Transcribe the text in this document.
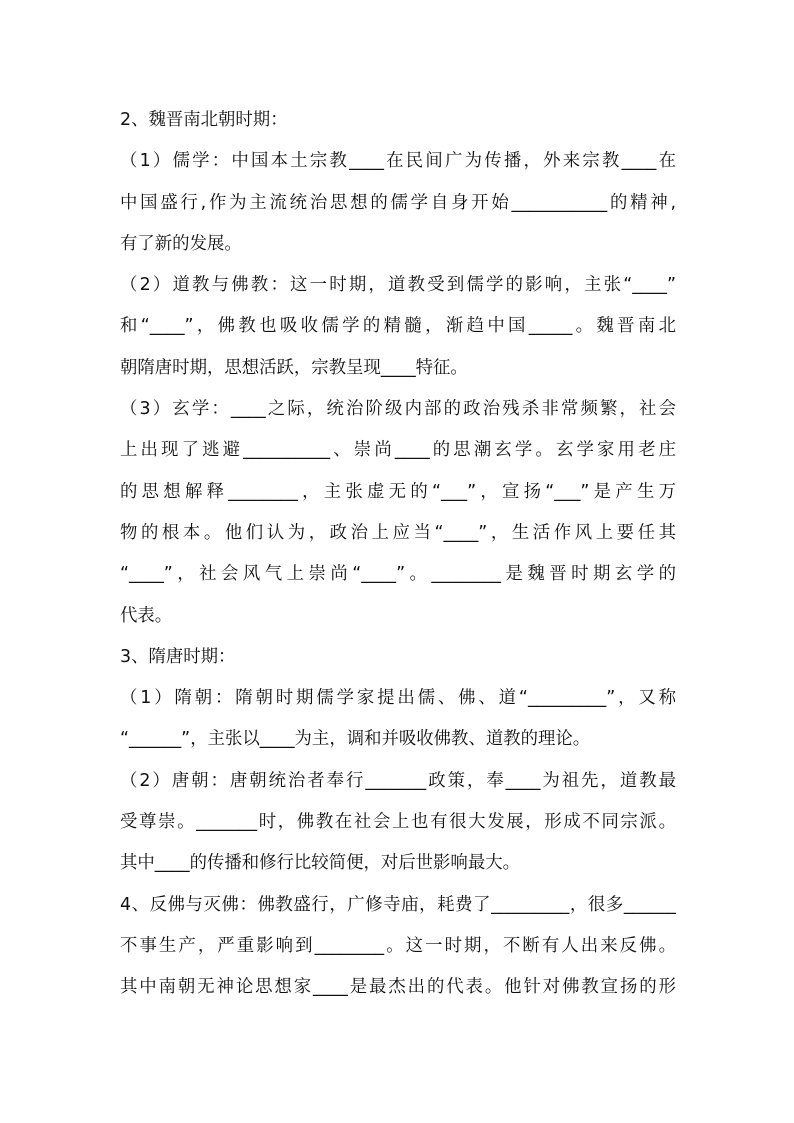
2、魏晋南北朝时期：
（1）儒学：中国本土宗教____在民间广为传播，外来宗教____在
中国盛行,作为主流统治思想的儒学自身开始___________的精神,
有了新的发展。
（2）道教与佛教：这一时期，道教受到儒学的影响，主张“____”
和“____”，佛教也吸收儒学的精髓，渐趋中国_____。魏晋南北
朝隋唐时期，思想活跃，宗教呈现____特征。
（3）玄学：____之际，统治阶级内部的政治残杀非常频繁，社会
上出现了逃避__________、崇尚____的思潮玄学。玄学家用老庄
的思想解释________，主张虚无的“___”，宣扬“___”是产生万
物的根本。他们认为，政治上应当“____”，生活作风上要任其
“____”，社会风气上崇尚“____”。________是魏晋时期玄学的
代表。
3、隋唐时期：
（1）隋朝：隋朝时期儒学家提出儒、佛、道“_________”，又称
“______”，主张以____为主，调和并吸收佛教、道教的理论。
（2）唐朝：唐朝统治者奉行_______政策，奉____为祖先，道教最
受尊崇。_______时，佛教在社会上也有很大发展，形成不同宗派。
其中____的传播和修行比较简便，对后世影响最大。
4、反佛与灭佛：佛教盛行，广修寺庙，耗费了_________，很多______
不事生产，严重影响到________。这一时期，不断有人出来反佛。
其中南朝无神论思想家____是最杰出的代表。他针对佛教宣扬的形
